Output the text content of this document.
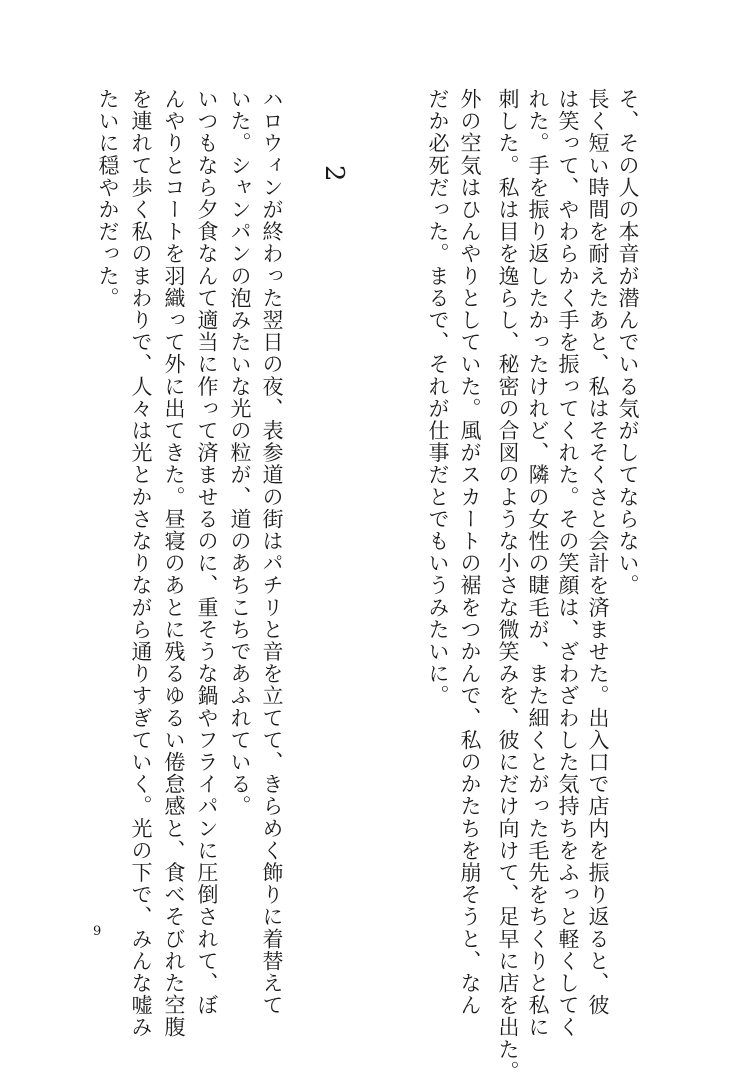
そ、その人の本音が潜んでいる気がしてならない。
長く短い時間を耐えたあと、私はそそくさと会計を済ませた。出入口で店内を振り返ると、彼
は笑って、やわらかく手を振ってくれた。その笑顔は、ざわざわした気持ちをふっと軽くしてく
れた。手を振り返したかったけれど、隣の女性の睫毛が、また細くとがった毛先をちくりと私に
刺した。私は目を逸らし、秘密の合図のような小さな微笑みを、彼にだけ向けて、足早に店を出た。
外の空気はひんやりとしていた。風がスカートの裾をつかんで、私のかたちを崩そうと、なん
だか必死だった。まるで、それが仕事だとでもいうみたいに。
2
ハロウィンが終わった翌日の夜、表参道の街はパチリと音を立てて、きらめく飾りに着替えて
いた。シャンパンの泡みたいな光の粒が、道のあちこちであふれている。
いつもなら夕食なんて適当に作って済ませるのに、重そうな鍋やフライパンに圧倒されて、ぼ
んやりとコートを羽織って外に出てきた。昼寝のあとに残るゆるい倦怠感と、食べそびれた空腹
を連れて歩く私のまわりで、人々は光とかさなりながら通りすぎていく。光の下で、みんな嘘み
たいに穏やかだった。
9
